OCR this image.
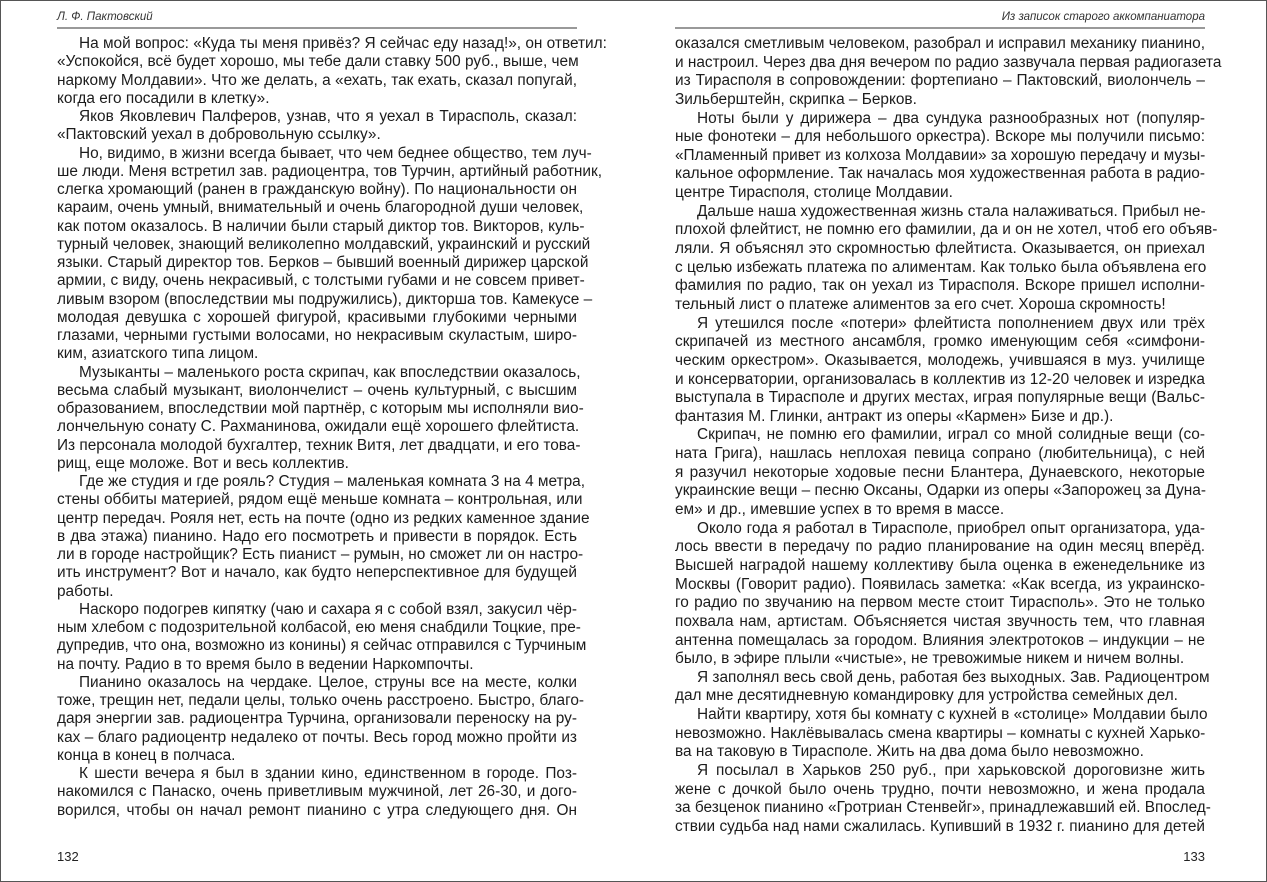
Л. Ф. Пактовский
На мой вопрос: «Куда ты меня привёз? Я сейчас еду назад!», он ответил:
«Успокойся, всё будет хорошо, мы тебе дали ставку 500 руб., выше, чем
наркому Молдавии». Что же делать, а «ехать, так ехать, сказал попугай,
когда его посадили в клетку».
Яков Яковлевич Палферов, узнав, что я уехал в Тирасполь, сказал:
«Пактовский уехал в добровольную ссылку».
Но, видимо, в жизни всегда бывает, что чем беднее общество, тем луч-
ше люди. Меня встретил зав. радиоцентра, тов Турчин, артийный работник,
слегка хромающий (ранен в гражданскую войну). По национальности он
караим, очень умный, внимательный и очень благородной души человек,
как потом оказалось. В наличии были старый диктор тов. Викторов, куль-
турный человек, знающий великолепно молдавский, украинский и русский
языки. Старый директор тов. Берков – бывший военный дирижер царской
армии, с виду, очень некрасивый, с толстыми губами и не совсем привет-
ливым взором (впоследствии мы подружились), дикторша тов. Камекусе –
молодая девушка с хорошей фигурой, красивыми глубокими черными
глазами, черными густыми волосами, но некрасивым скуластым, широ-
ким, азиатского типа лицом.
Музыканты – маленького роста скрипач, как впоследствии оказалось,
весьма слабый музыкант, виолончелист – очень культурный, с высшим
образованием, впоследствии мой партнёр, с которым мы исполняли вио-
лончельную сонату С. Рахманинова, ожидали ещё хорошего флейтиста.
Из персонала молодой бухгалтер, техник Витя, лет двадцати, и его това-
рищ, еще моложе. Вот и весь коллектив.
Где же студия и где рояль? Студия – маленькая комната 3 на 4 метра,
стены оббиты материей, рядом ещё меньше комната – контрольная, или
центр передач. Рояля нет, есть на почте (одно из редких каменное здание
в два этажа) пианино. Надо его посмотреть и привести в порядок. Есть
ли в городе настройщик? Есть пианист – румын, но сможет ли он настро-
ить инструмент? Вот и начало, как будто неперспективное для будущей
работы.
Наскоро подогрев кипятку (чаю и сахара я с собой взял, закусил чёр-
ным хлебом с подозрительной колбасой, ею меня снабдили Тоцкие, пре-
дупредив, что она, возможно из конины) я сейчас отправился с Турчиным
на почту. Радио в то время было в ведении Наркомпочты.
Пианино оказалось на чердаке. Целое, струны все на месте, колки
тоже, трещин нет, педали целы, только очень расстроено. Быстро, благо-
даря энергии зав. радиоцентра Турчина, организовали переноску на ру-
ках – благо радиоцентр недалеко от почты. Весь город можно пройти из
конца в конец в полчаса.
К шести вечера я был в здании кино, единственном в городе. Поз-
накомился с Панаско, очень приветливым мужчиной, лет 26-30, и дого-
ворился, чтобы он начал ремонт пианино с утра следующего дня. Он
132
Из записок старого аккомпаниатора
оказался сметливым человеком, разобрал и исправил механику пианино,
и настроил. Через два дня вечером по радио зазвучала первая радиогазета
из Тирасполя в сопровождении: фортепиано – Пактовский, виолончель –
Зильберштейн, скрипка – Берков.
Ноты были у дирижера – два сундука разнообразных нот (популяр-
ные фонотеки – для небольшого оркестра). Вскоре мы получили письмо:
«Пламенный привет из колхоза Молдавии» за хорошую передачу и музы-
кальное оформление. Так началась моя художественная работа в радио-
центре Тирасполя, столице Молдавии.
Дальше наша художественная жизнь стала налаживаться. Прибыл не-
плохой флейтист, не помню его фамилии, да и он не хотел, чтоб его объяв-
ляли. Я объяснял это скромностью флейтиста. Оказывается, он приехал
с целью избежать платежа по алиментам. Как только была объявлена его
фамилия по радио, так он уехал из Тирасполя. Вскоре пришел исполни-
тельный лист о платеже алиментов за его счет. Хороша скромность!
Я утешился после «потери» флейтиста пополнением двух или трёх
скрипачей из местного ансамбля, громко именующим себя «симфони-
ческим оркестром». Оказывается, молодежь, учившаяся в муз. училище
и консерватории, организовалась в коллектив из 12-20 человек и изредка
выступала в Тирасполе и других местах, играя популярные вещи (Вальс-
фантазия М. Глинки, антракт из оперы «Кармен» Бизе и др.).
Скрипач, не помню его фамилии, играл со мной солидные вещи (со-
ната Грига), нашлась неплохая певица сопрано (любительница), с ней
я разучил некоторые ходовые песни Блантера, Дунаевского, некоторые
украинские вещи – песню Оксаны, Одарки из оперы «Запорожец за Дуна-
ем» и др., имевшие успех в то время в массе.
Около года я работал в Тирасполе, приобрел опыт организатора, уда-
лось ввести в передачу по радио планирование на один месяц вперёд.
Высшей наградой нашему коллективу была оценка в еженедельнике из
Москвы (Говорит радио). Появилась заметка: «Как всегда, из украинско-
го радио по звучанию на первом месте стоит Тирасполь». Это не только
похвала нам, артистам. Объясняется чистая звучность тем, что главная
антенна помещалась за городом. Влияния электротоков – индукции – не
было, в эфире плыли «чистые», не тревожимые никем и ничем волны.
Я заполнял весь свой день, работая без выходных. Зав. Радиоцентром
дал мне десятидневную командировку для устройства семейных дел.
Найти квартиру, хотя бы комнату с кухней в «столице» Молдавии было
невозможно. Наклёвывалась смена квартиры – комнаты с кухней Харько-
ва на таковую в Тирасполе. Жить на два дома было невозможно.
Я посылал в Харьков 250 руб., при харьковской дороговизне жить
жене с дочкой было очень трудно, почти невозможно, и жена продала
за безценок пианино «Гротриан Стенвейг», принадлежавший ей. Впослед-
ствии судьба над нами сжалилась. Купивший в 1932 г. пианино для детей
133
